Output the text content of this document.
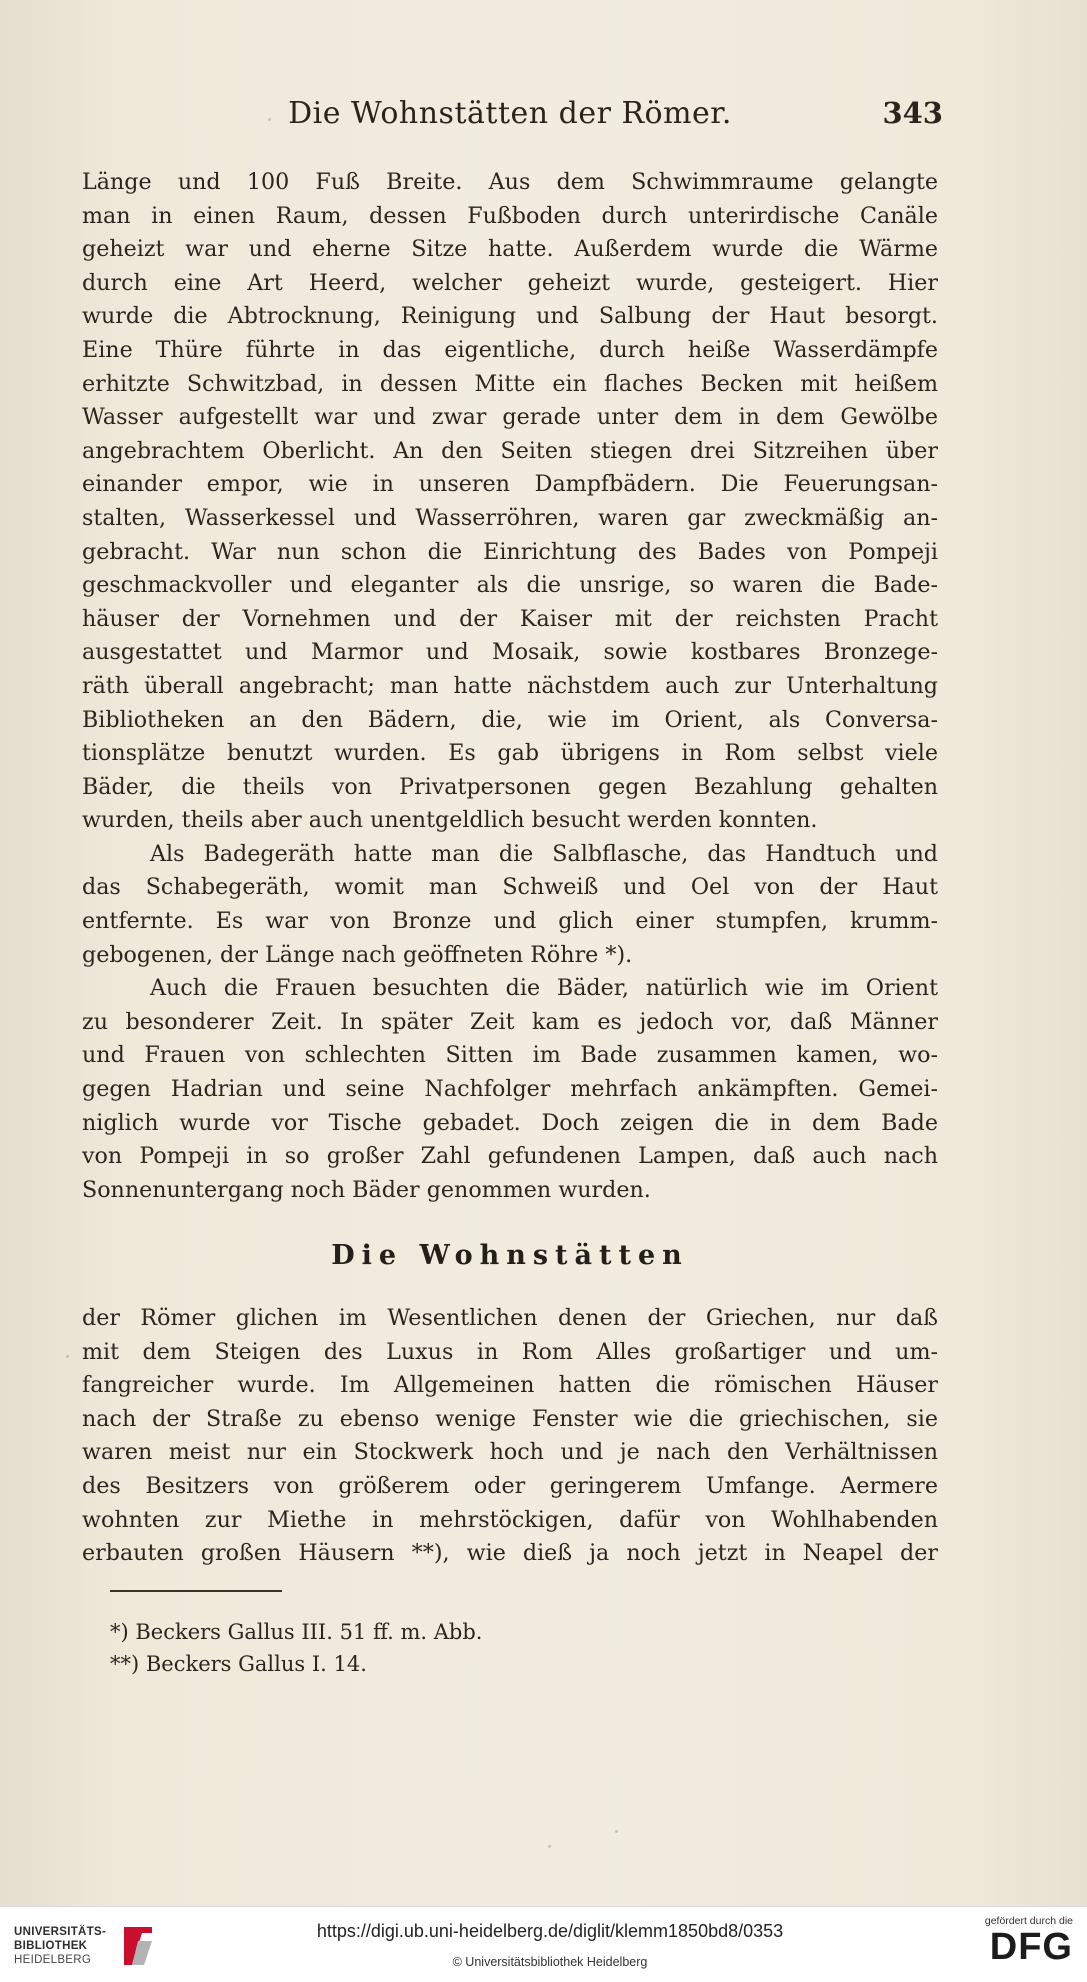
Die Wohnstätten der Römer.	343
Länge und 100 Fuß Breite. Aus dem Schwimmraume gelangte
man in einen Raum, dessen Fußboden durch unterirdische Canäle
geheizt war und eherne Sitze hatte. Außerdem wurde die Wärme
durch eine Art Heerd, welcher geheizt wurde, gesteigert. Hier
wurde die Abtrocknung, Reinigung und Salbung der Haut besorgt.
Eine Thüre führte in das eigentliche, durch heiße Wasserdämpfe
erhitzte Schwitzbad, in dessen Mitte ein flaches Becken mit heißem
Wasser aufgestellt war und zwar gerade unter dem in dem Gewölbe
angebrachtem Oberlicht. An den Seiten stiegen drei Sitzreihen über
einander empor, wie in unseren Dampfbädern. Die Feuerungsan-
stalten, Wasserkessel und Wasserröhren, waren gar zweckmäßig an-
gebracht. War nun schon die Einrichtung des Bades von Pompeji
geschmackvoller und eleganter als die unsrige, so waren die Bade-
häuser der Vornehmen und der Kaiser mit der reichsten Pracht
ausgestattet und Marmor und Mosaik, sowie kostbares Bronzege-
räth überall angebracht; man hatte nächstdem auch zur Unterhaltung
Bibliotheken an den Bädern, die, wie im Orient, als Conversa-
tionsplätze benutzt wurden. Es gab übrigens in Rom selbst viele
Bäder, die theils von Privatpersonen gegen Bezahlung gehalten
wurden, theils aber auch unentgeldlich besucht werden konnten.
Als Badegeräth hatte man die Salbflasche, das Handtuch und
das Schabegeräth, womit man Schweiß und Oel von der Haut
entfernte. Es war von Bronze und glich einer stumpfen, krumm-
gebogenen, der Länge nach geöffneten Röhre *).
Auch die Frauen besuchten die Bäder, natürlich wie im Orient
zu besonderer Zeit. In später Zeit kam es jedoch vor, daß Männer
und Frauen von schlechten Sitten im Bade zusammen kamen, wo-
gegen Hadrian und seine Nachfolger mehrfach ankämpften. Gemei-
niglich wurde vor Tische gebadet. Doch zeigen die in dem Bade
von Pompeji in so großer Zahl gefundenen Lampen, daß auch nach
Sonnenuntergang noch Bäder genommen wurden.
Die Wohnstätten
der Römer glichen im Wesentlichen denen der Griechen, nur daß
mit dem Steigen des Luxus in Rom Alles großartiger und um-
fangreicher wurde. Im Allgemeinen hatten die römischen Häuser
nach der Straße zu ebenso wenige Fenster wie die griechischen, sie
waren meist nur ein Stockwerk hoch und je nach den Verhältnissen
des Besitzers von größerem oder geringerem Umfange. Aermere
wohnten zur Miethe in mehrstöckigen, dafür von Wohlhabenden
erbauten großen Häusern **), wie dieß ja noch jetzt in Neapel der
*) Beckers Gallus III. 51 ff. m. Abb.
**) Beckers Gallus I. 14.
UNIVERSITÄTS-
BIBLIOTHEK
HEIDELBERG
https://digi.ub.uni-heidelberg.de/diglit/klemm1850bd8/0353
© Universitätsbibliothek Heidelberg
gefördert durch die
DFG
